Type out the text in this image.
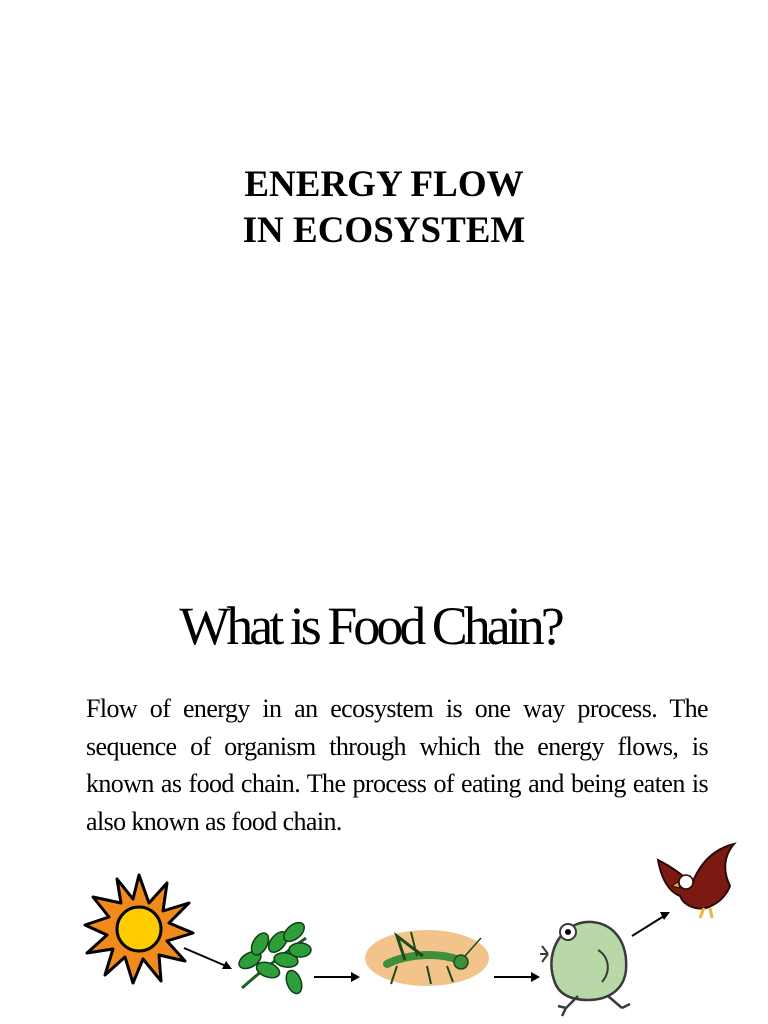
ENERGY FLOW
IN ECOSYSTEM
What is Food Chain?
Flow of energy in an ecosystem is one way process. The sequence of organism through which the energy flows, is known as food chain. The process of eating and being eaten is also known as food chain.
